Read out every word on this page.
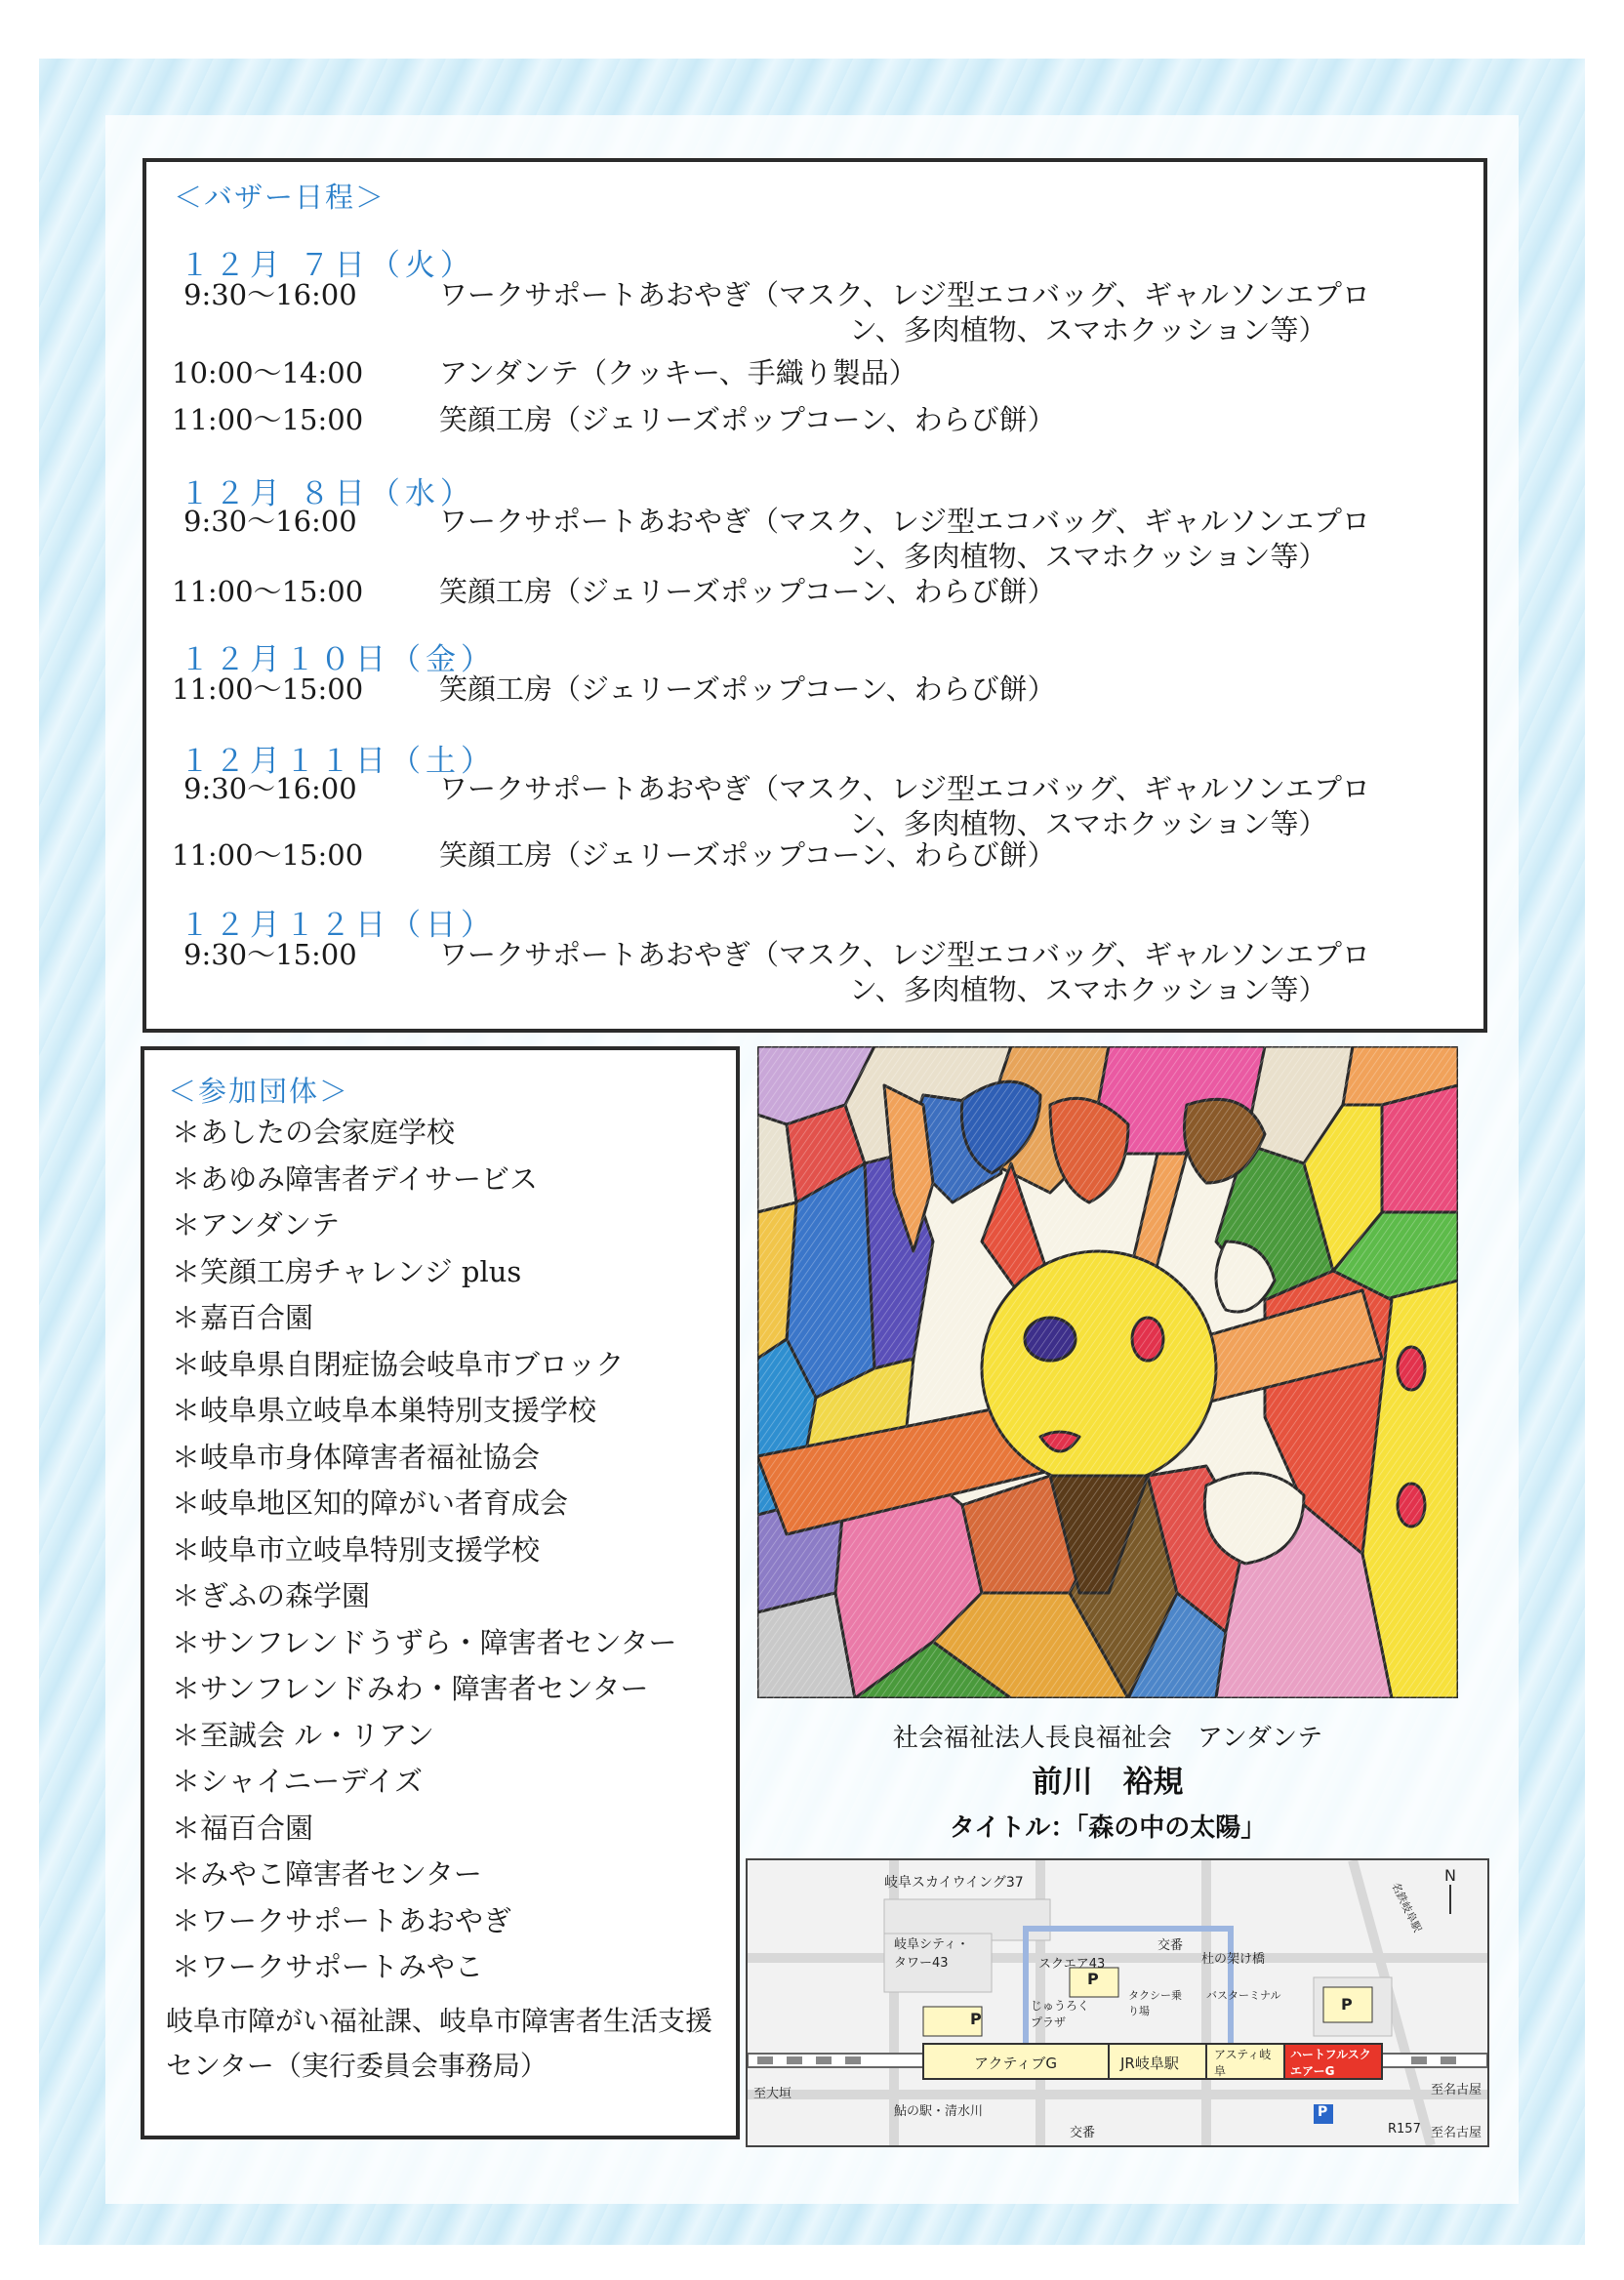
＜バザー日程＞
１２月 ７日（火）
9:30〜16:00	ワークサポートあおやぎ（マスク、レジ型エコバッグ、ギャルソンエプロ
ン、多肉植物、スマホクッション等）
10:00〜14:00	アンダンテ（クッキー、手織り製品）
11:00〜15:00	笑顔工房（ジェリーズポップコーン、わらび餅）
１２月 ８日（水）
9:30〜16:00	ワークサポートあおやぎ（マスク、レジ型エコバッグ、ギャルソンエプロ
ン、多肉植物、スマホクッション等）
11:00〜15:00	笑顔工房（ジェリーズポップコーン、わらび餅）
１２月１０日（金）
11:00〜15:00	笑顔工房（ジェリーズポップコーン、わらび餅）
１２月１１日（土）
9:30〜16:00	ワークサポートあおやぎ（マスク、レジ型エコバッグ、ギャルソンエプロ
ン、多肉植物、スマホクッション等）
11:00〜15:00	笑顔工房（ジェリーズポップコーン、わらび餅）
１２月１２日（日）
9:30〜15:00	ワークサポートあおやぎ（マスク、レジ型エコバッグ、ギャルソンエプロ
ン、多肉植物、スマホクッション等）
＜参加団体＞
＊あしたの会家庭学校
＊あゆみ障害者デイサービス
＊アンダンテ
＊笑顔工房チャレンジ plus
＊嘉百合園
＊岐阜県自閉症協会岐阜市ブロック
＊岐阜県立岐阜本巣特別支援学校
＊岐阜市身体障害者福祉協会
＊岐阜地区知的障がい者育成会
＊岐阜市立岐阜特別支援学校
＊ぎふの森学園
＊サンフレンドうずら・障害者センター
＊サンフレンドみわ・障害者センター
＊至誠会 ル・リアン
＊シャイニーデイズ
＊福百合園
＊みやこ障害者センター
＊ワークサポートあおやぎ
＊ワークサポートみやこ
岐阜市障がい福祉課、岐阜市障害者生活支援センター（実行委員会事務局）
社会福祉法人長良福祉会　アンダンテ
前川　裕規
タイトル：「森の中の太陽」
岐阜スカイウイング37
岐阜シティ・タワー43	スクエア43
交番
杜の架け橋
タクシー乗り場
バスターミナル
じゅうろくプラザ
名鉄岐阜駅
アクティブG	JR岐阜駅	アスティ岐阜
ハートフルスクエアーG
至大垣	至名古屋
至名古屋
鮎の駅・清水川
交番	R157
N
P
P
P
P
